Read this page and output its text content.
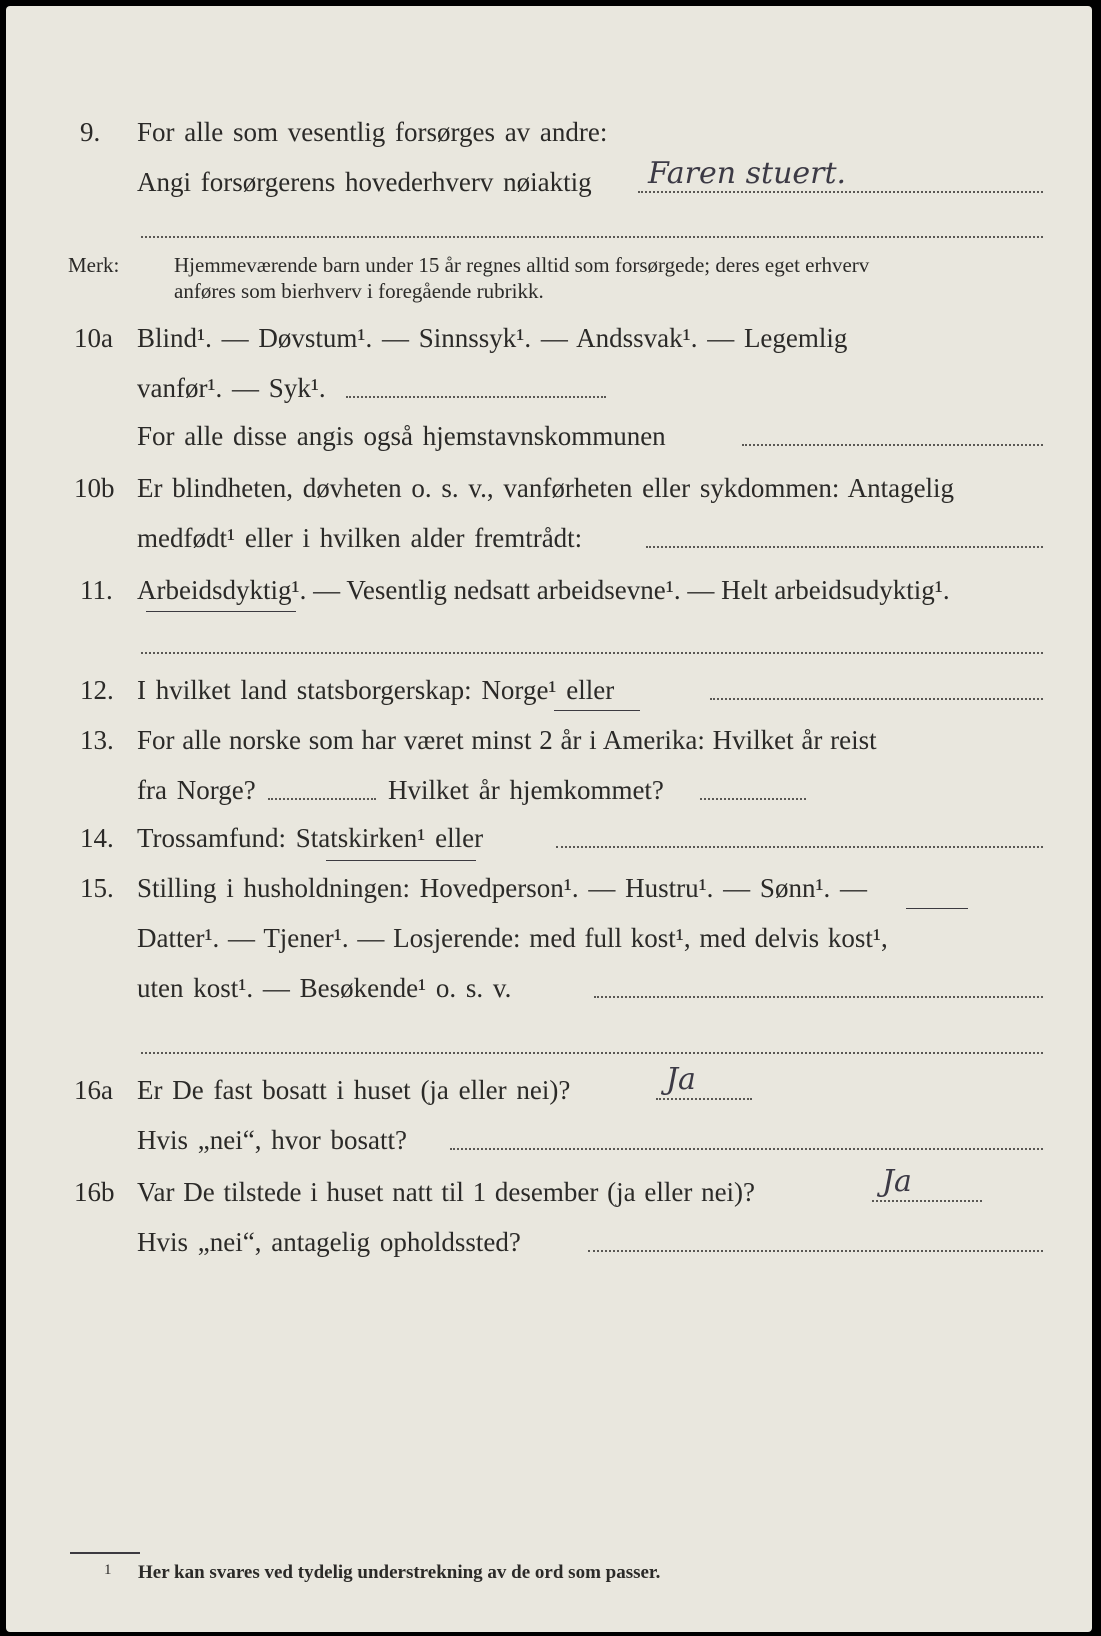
9. For alle som vesentlig forsørges av andre:
Angi forsørgerens hovederhverv nøiaktig Faren stuert.
Merk:	Hjemmeværende barn under 15 år regnes alltid som forsørgede; deres eget erhverv
anføres som bierhverv i foregående rubrikk.
10a Blind¹. — Døvstum¹. — Sinnssyk¹. — Andssvak¹. — Legemlig
vanfør¹. — Syk¹.
For alle disse angis også hjemstavnskommunen
10b Er blindheten, døvheten o. s. v., vanførheten eller sykdommen: Antagelig
medfødt¹ eller i hvilken alder fremtrådt:
11. Arbeidsdyktig¹. — Vesentlig nedsatt arbeidsevne¹. — Helt arbeidsudyktig¹.
12. I hvilket land statsborgerskap: Norge¹ eller
13. For alle norske som har været minst 2 år i Amerika: Hvilket år reist
fra Norge?	Hvilket år hjemkommet?
14. Trossamfund: Statskirken¹ eller
15. Stilling i husholdningen: Hovedperson¹. — Hustru¹. — Sønn¹. —
Datter¹. — Tjener¹. — Losjerende: med full kost¹, med delvis kost¹,
uten kost¹. — Besøkende¹ o. s. v.
16a Er De fast bosatt i huset (ja eller nei)?	Ja
Hvis „nei“, hvor bosatt?
16b Var De tilstede i huset natt til 1 desember (ja eller nei)?	Ja
Hvis „nei“, antagelig opholdssted?
1 Her kan svares ved tydelig understrekning av de ord som passer.
